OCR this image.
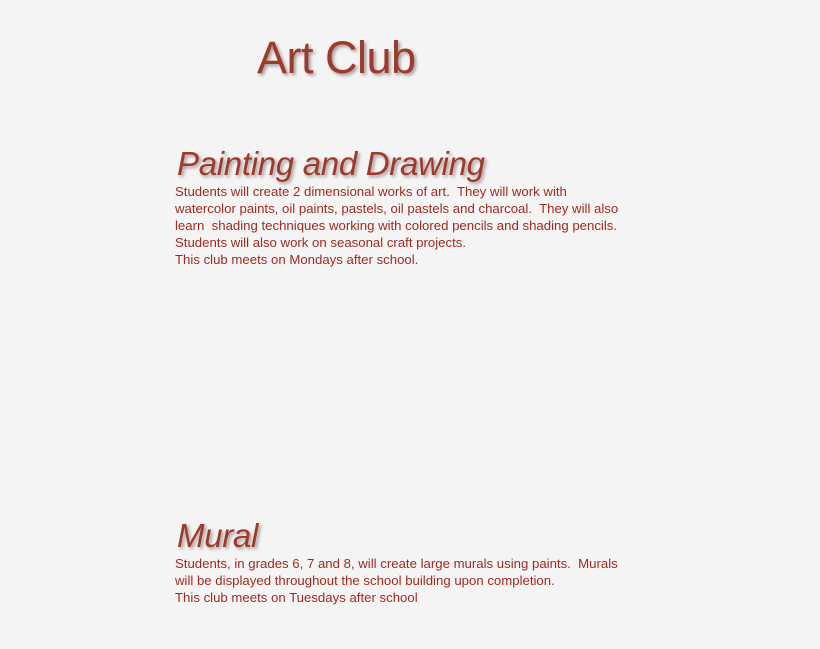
Art Club
Painting and Drawing

Students will create 2 dimensional works of art.  They will work with
watercolor paints, oil paints, pastels, oil pastels and charcoal.  They will also
learn  shading techniques working with colored pencils and shading pencils.
Students will also work on seasonal craft projects.
This club meets on Mondays after school.

Mural

Students, in grades 6, 7 and 8, will create large murals using paints.  Murals
will be displayed throughout the school building upon completion.
This club meets on Tuesdays after school
